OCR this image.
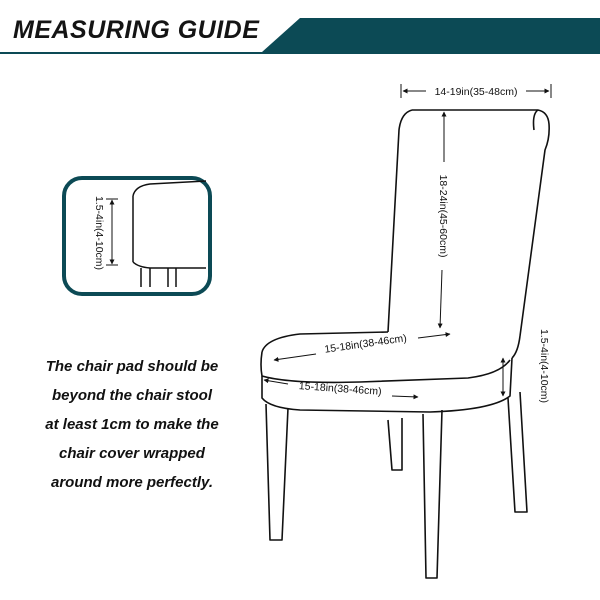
MEASURING GUIDE
14-19in(35-48cm)
18-24in(45-60cm)
15-18in(38-46cm)
15-18in(38-46cm)	1.5-4in(4-10cm)
1.5-4in(4-10cm)

The chair pad should be
beyond the chair stool
at least 1cm to make the
chair cover wrapped
around more perfectly.
